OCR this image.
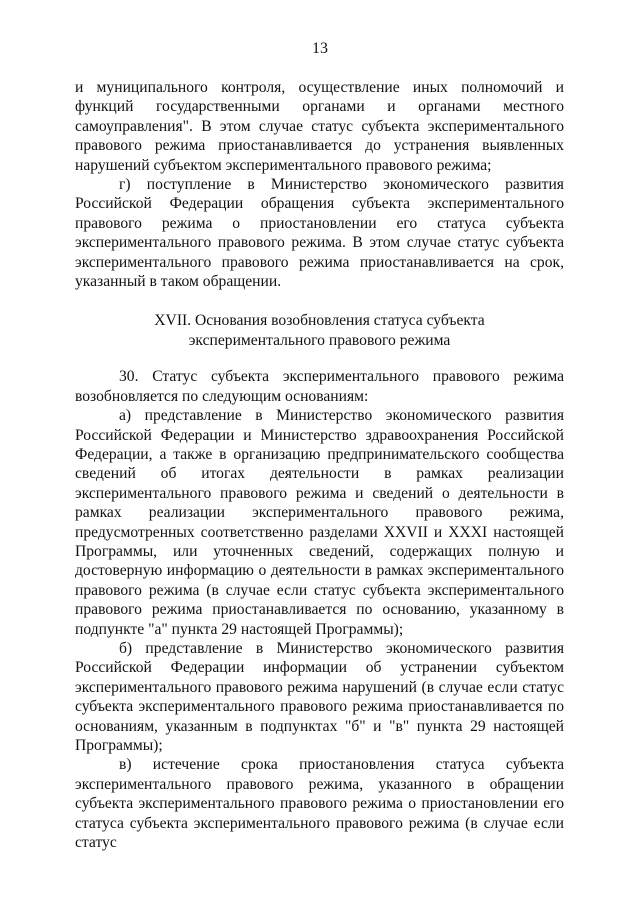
13

и муниципального контроля, осуществление иных полномочий и функций государственными органами и органами местного самоуправления". В этом случае статус субъекта экспериментального правового режима приостанавливается до устранения выявленных нарушений субъектом экспериментального правового режима;

г) поступление в Министерство экономического развития Российской Федерации обращения субъекта экспериментального правового режима о приостановлении его статуса субъекта экспериментального правового режима. В этом случае статус субъекта экспериментального правового режима приостанавливается на срок, указанный в таком обращении.

XVII. Основания возобновления статуса субъекта
экспериментального правового режима

30. Статус субъекта экспериментального правового режима возобновляется по следующим основаниям:

а) представление в Министерство экономического развития Российской Федерации и Министерство здравоохранения Российской Федерации, а также в организацию предпринимательского сообщества сведений об итогах деятельности в рамках реализации экспериментального правового режима и сведений о деятельности в рамках реализации экспериментального правового режима, предусмотренных соответственно разделами XXVII и XXXI настоящей Программы, или уточненных сведений, содержащих полную и достоверную информацию о деятельности в рамках экспериментального правового режима (в случае если статус субъекта экспериментального правового режима приостанавливается по основанию, указанному в подпункте "а" пункта 29 настоящей Программы);

б) представление в Министерство экономического развития Российской Федерации информации об устранении субъектом экспериментального правового режима нарушений (в случае если статус субъекта экспериментального правового режима приостанавливается по основаниям, указанным в подпунктах "б" и "в" пункта 29 настоящей Программы);

в) истечение срока приостановления статуса субъекта экспериментального правового режима, указанного в обращении субъекта экспериментального правового режима о приостановлении его статуса субъекта экспериментального правового режима (в случае если статус
